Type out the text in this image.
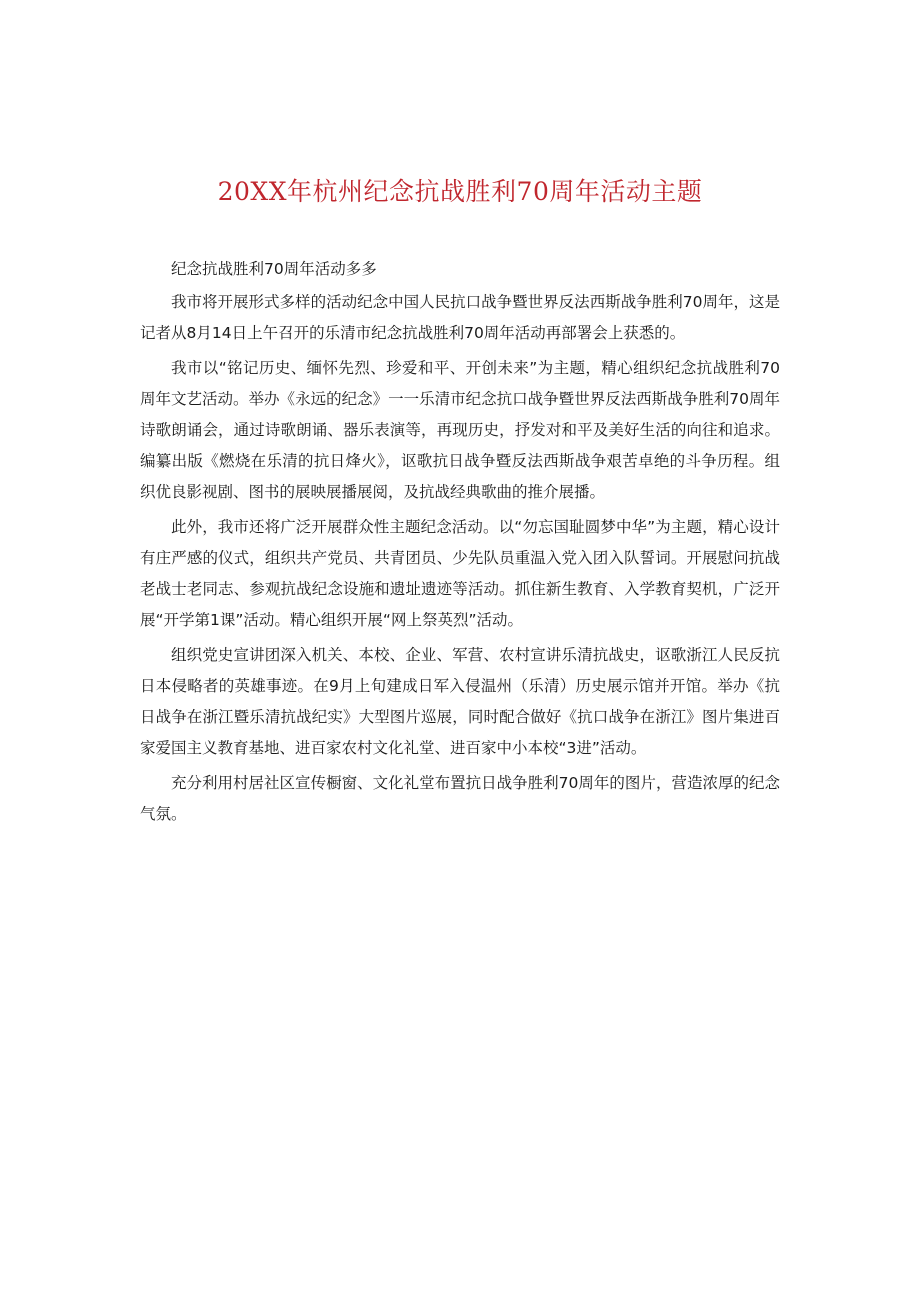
20XX年杭州纪念抗战胜利70周年活动主题

纪念抗战胜利70周年活动多多

我市将开展形式多样的活动纪念中国人民抗口战争暨世界反法西斯战争胜利70周年，这是记者从8月14日上午召开的乐清市纪念抗战胜利70周年活动再部署会上获悉的。

我市以“铭记历史、缅怀先烈、珍爱和平、开创未来”为主题，精心组织纪念抗战胜利70周年文艺活动。举办《永远的纪念》一一乐清市纪念抗口战争暨世界反法西斯战争胜利70周年诗歌朗诵会，通过诗歌朗诵、器乐表演等，再现历史，抒发对和平及美好生活的向往和追求。编纂出版《燃烧在乐清的抗日烽火》，讴歌抗日战争暨反法西斯战争艰苦卓绝的斗争历程。组织优良影视剧、图书的展映展播展阅，及抗战经典歌曲的推介展播。

此外，我市还将广泛开展群众性主题纪念活动。以“勿忘国耻圆梦中华”为主题，精心设计有庄严感的仪式，组织共产党员、共青团员、少先队员重温入党入团入队誓词。开展慰问抗战老战士老同志、参观抗战纪念设施和遗址遗迹等活动。抓住新生教育、入学教育契机，广泛开展“开学第1课”活动。精心组织开展“网上祭英烈”活动。

组织党史宣讲团深入机关、本校、企业、军营、农村宣讲乐清抗战史，讴歌浙江人民反抗日本侵略者的英雄事迹。在9月上旬建成日军入侵温州（乐清）历史展示馆并开馆。举办《抗日战争在浙江暨乐清抗战纪实》大型图片巡展，同时配合做好《抗口战争在浙江》图片集进百家爱国主义教育基地、进百家农村文化礼堂、进百家中小本校“3进”活动。

充分利用村居社区宣传橱窗、文化礼堂布置抗日战争胜利70周年的图片，营造浓厚的纪念气氛。
